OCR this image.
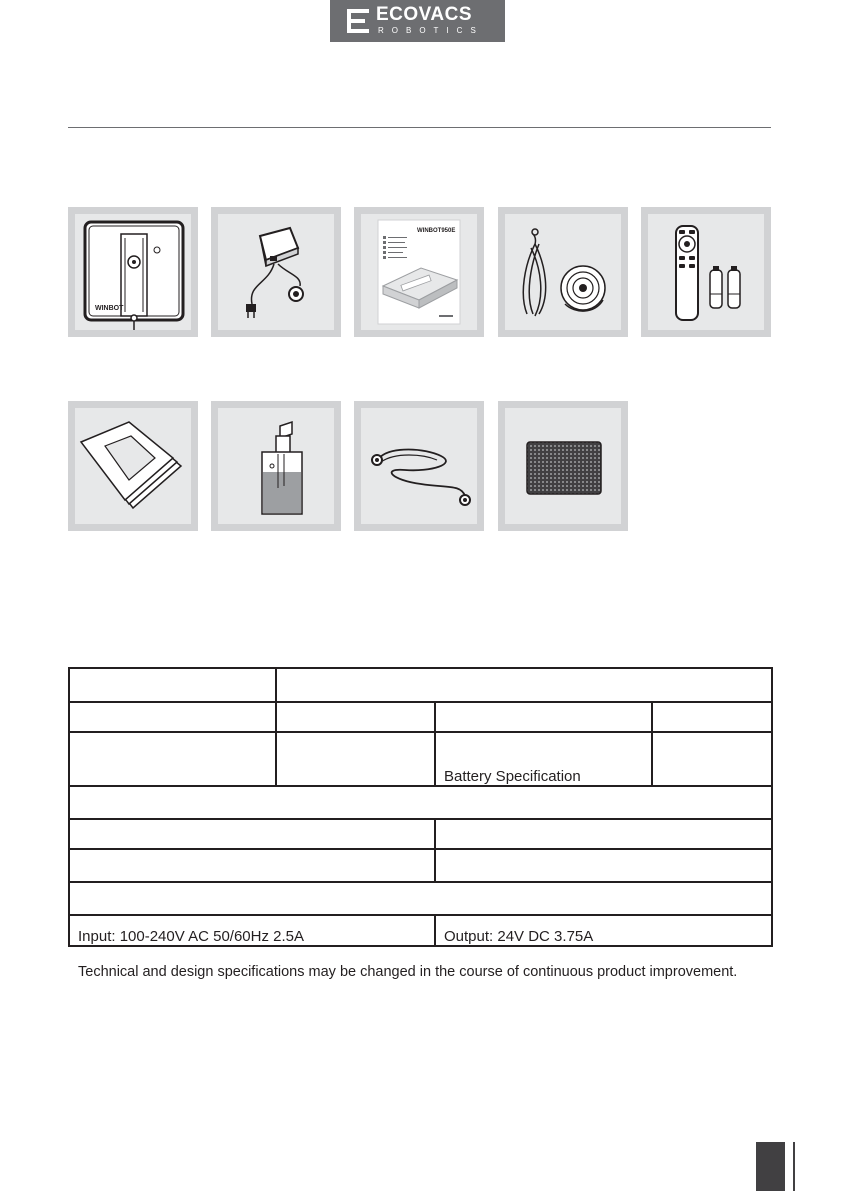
ECOVACS
ROBOTICS
WINBOT
WINBOT950E

		Battery Specification	

Input: 100-240V AC 50/60Hz 2.5A		Output: 24V DC 3.75A	
Technical and design specifications may be changed in the course of continuous product improvement.
